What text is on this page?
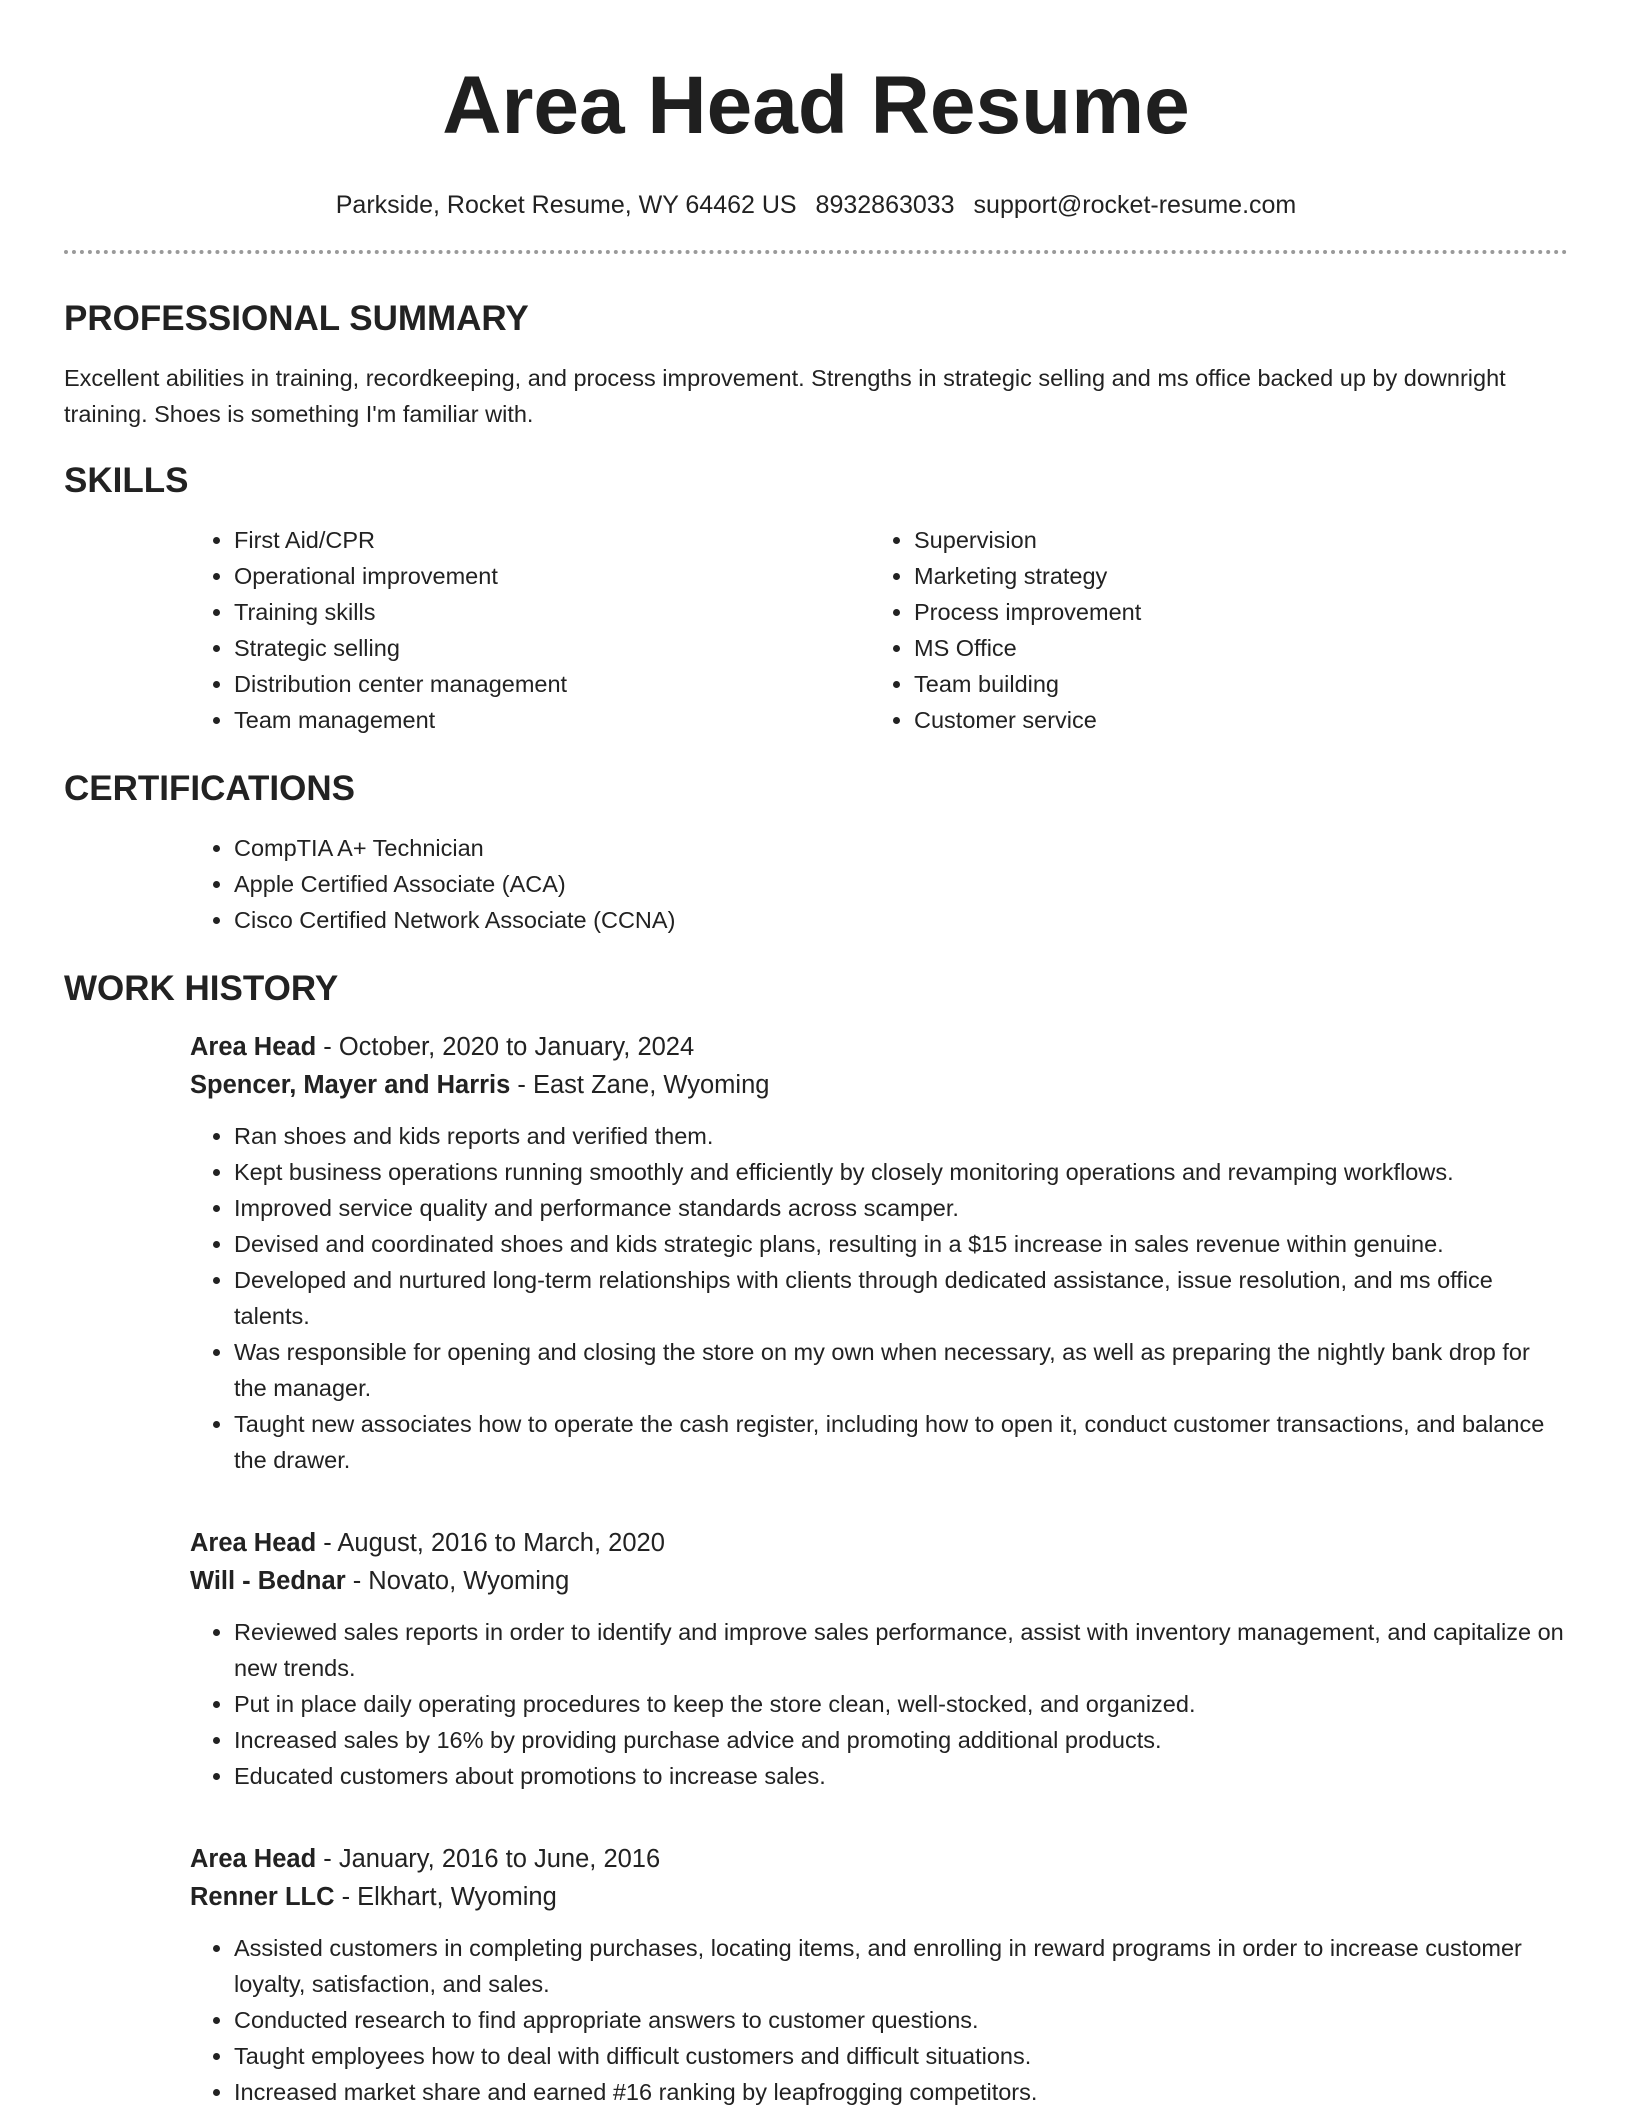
Area Head Resume
Parkside, Rocket Resume, WY 64462 US 8932863033 support@rocket-resume.com
PROFESSIONAL SUMMARY

Excellent abilities in training, recordkeeping, and process improvement. Strengths in strategic selling and ms office backed up by downright training. Shoes is something I'm familiar with.

SKILLS
• First Aid/CPR
• Operational improvement
• Training skills
• Strategic selling
• Distribution center management
• Team management
• Supervision
• Marketing strategy
• Process improvement
• MS Office
• Team building
• Customer service
CERTIFICATIONS
• CompTIA A+ Technician
• Apple Certified Associate (ACA)
• Cisco Certified Network Associate (CCNA)
WORK HISTORY
Area Head - October, 2020 to January, 2024
Spencer, Mayer and Harris - East Zane, Wyoming
• Ran shoes and kids reports and verified them.
• Kept business operations running smoothly and efficiently by closely monitoring operations and revamping workflows.
• Improved service quality and performance standards across scamper.
• Devised and coordinated shoes and kids strategic plans, resulting in a $15 increase in sales revenue within genuine.
• Developed and nurtured long-term relationships with clients through dedicated assistance, issue resolution, and ms office talents.
• Was responsible for opening and closing the store on my own when necessary, as well as preparing the nightly bank drop for the manager.
• Taught new associates how to operate the cash register, including how to open it, conduct customer transactions, and balance the drawer.
Area Head - August, 2016 to March, 2020
Will - Bednar - Novato, Wyoming
• Reviewed sales reports in order to identify and improve sales performance, assist with inventory management, and capitalize on new trends.
• Put in place daily operating procedures to keep the store clean, well-stocked, and organized.
• Increased sales by 16% by providing purchase advice and promoting additional products.
• Educated customers about promotions to increase sales.
Area Head - January, 2016 to June, 2016
Renner LLC - Elkhart, Wyoming
• Assisted customers in completing purchases, locating items, and enrolling in reward programs in order to increase customer loyalty, satisfaction, and sales.
• Conducted research to find appropriate answers to customer questions.
• Taught employees how to deal with difficult customers and difficult situations.
• Increased market share and earned #16 ranking by leapfrogging competitors.
